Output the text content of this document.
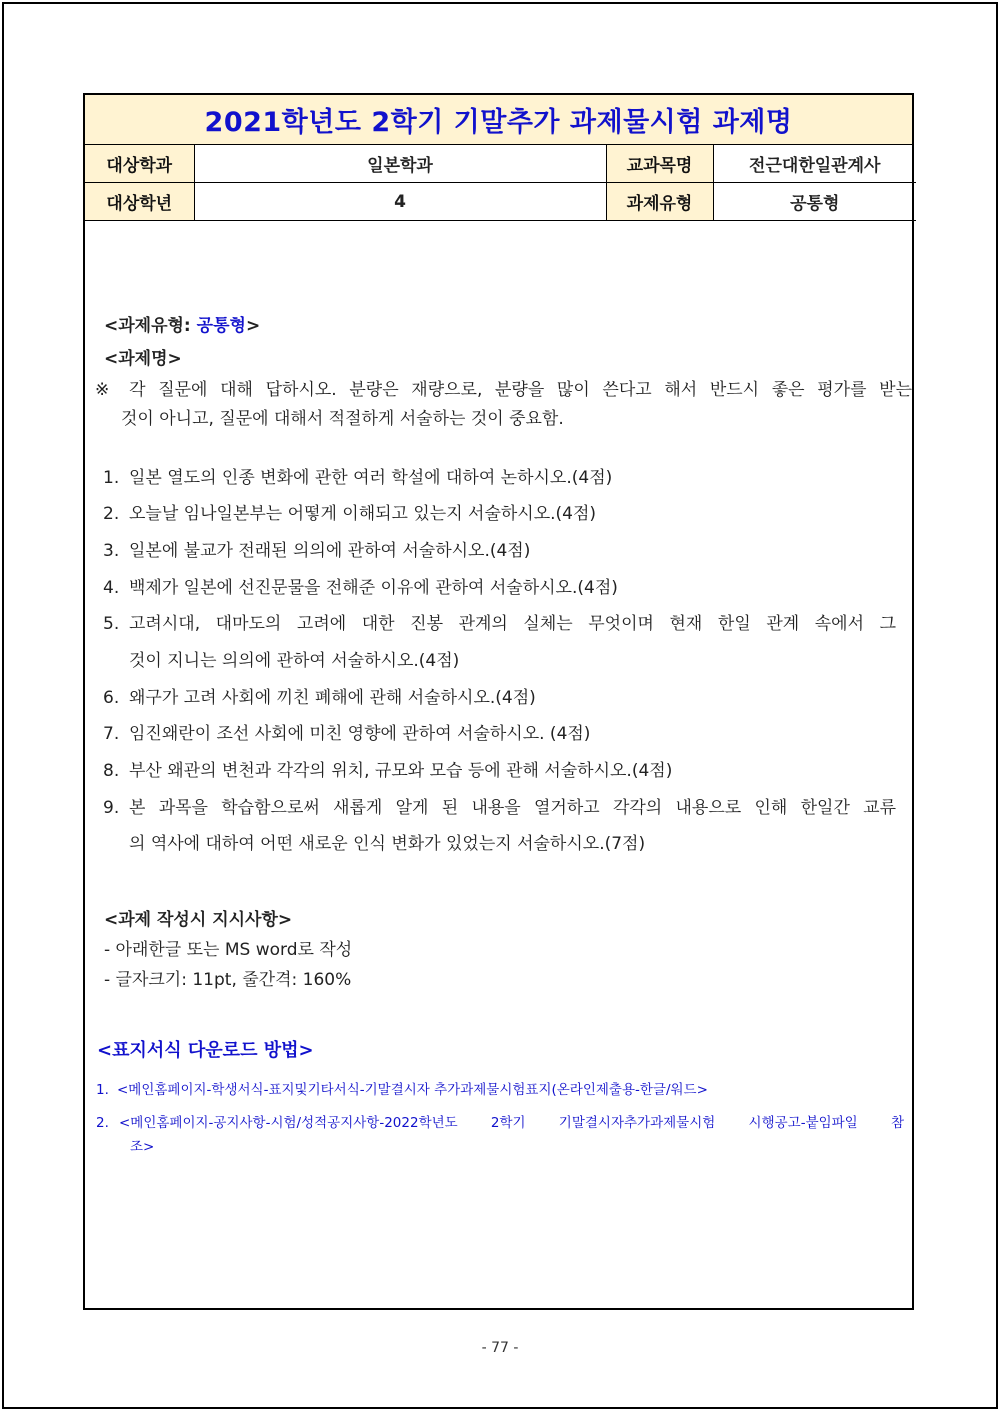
2021학년도 2학기 기말추가 과제물시험 과제명
대상학과	일본학과	교과목명	전근대한일관계사
대상학년	4	과제유형	공통형
<과제유형: 공통형>
<과제명>
※ 각 질문에 대해 답하시오. 분량은 재량으로, 분량을 많이 쓴다고 해서 반드시 좋은 평가를 받는
것이 아니고, 질문에 대해서 적절하게 서술하는 것이 중요함.
1. 일본 열도의 인종 변화에 관한 여러 학설에 대하여 논하시오.(4점)
2. 오늘날 임나일본부는 어떻게 이해되고 있는지 서술하시오.(4점)
3. 일본에 불교가 전래된 의의에 관하여 서술하시오.(4점)
4. 백제가 일본에 선진문물을 전해준 이유에 관하여 서술하시오.(4점)
5. 고려시대, 대마도의 고려에 대한 진봉 관계의 실체는 무엇이며 현재 한일 관계 속에서 그
것이 지니는 의의에 관하여 서술하시오.(4점)
6. 왜구가 고려 사회에 끼친 폐해에 관해 서술하시오.(4점)
7. 임진왜란이 조선 사회에 미친 영향에 관하여 서술하시오. (4점)
8. 부산 왜관의 변천과 각각의 위치, 규모와 모습 등에 관해 서술하시오.(4점)
9. 본 과목을 학습함으로써 새롭게 알게 된 내용을 열거하고 각각의 내용으로 인해 한일간 교류
의 역사에 대하여 어떤 새로운 인식 변화가 있었는지 서술하시오.(7점)
<과제 작성시 지시사항>
- 아래한글 또는 MS word로 작성
- 글자크기: 11pt, 줄간격: 160%
<표지서식 다운로드 방법>
1. <메인홈페이지-학생서식-표지및기타서식-기말결시자 추가과제물시험표지(온라인제출용-한글/워드>
2. <메인홈페이지-공지사항-시험/성적공지사항-2022학년도 2학기 기말결시자추가과제물시험 시행공고-붙임파일 참
조>
- 77 -
